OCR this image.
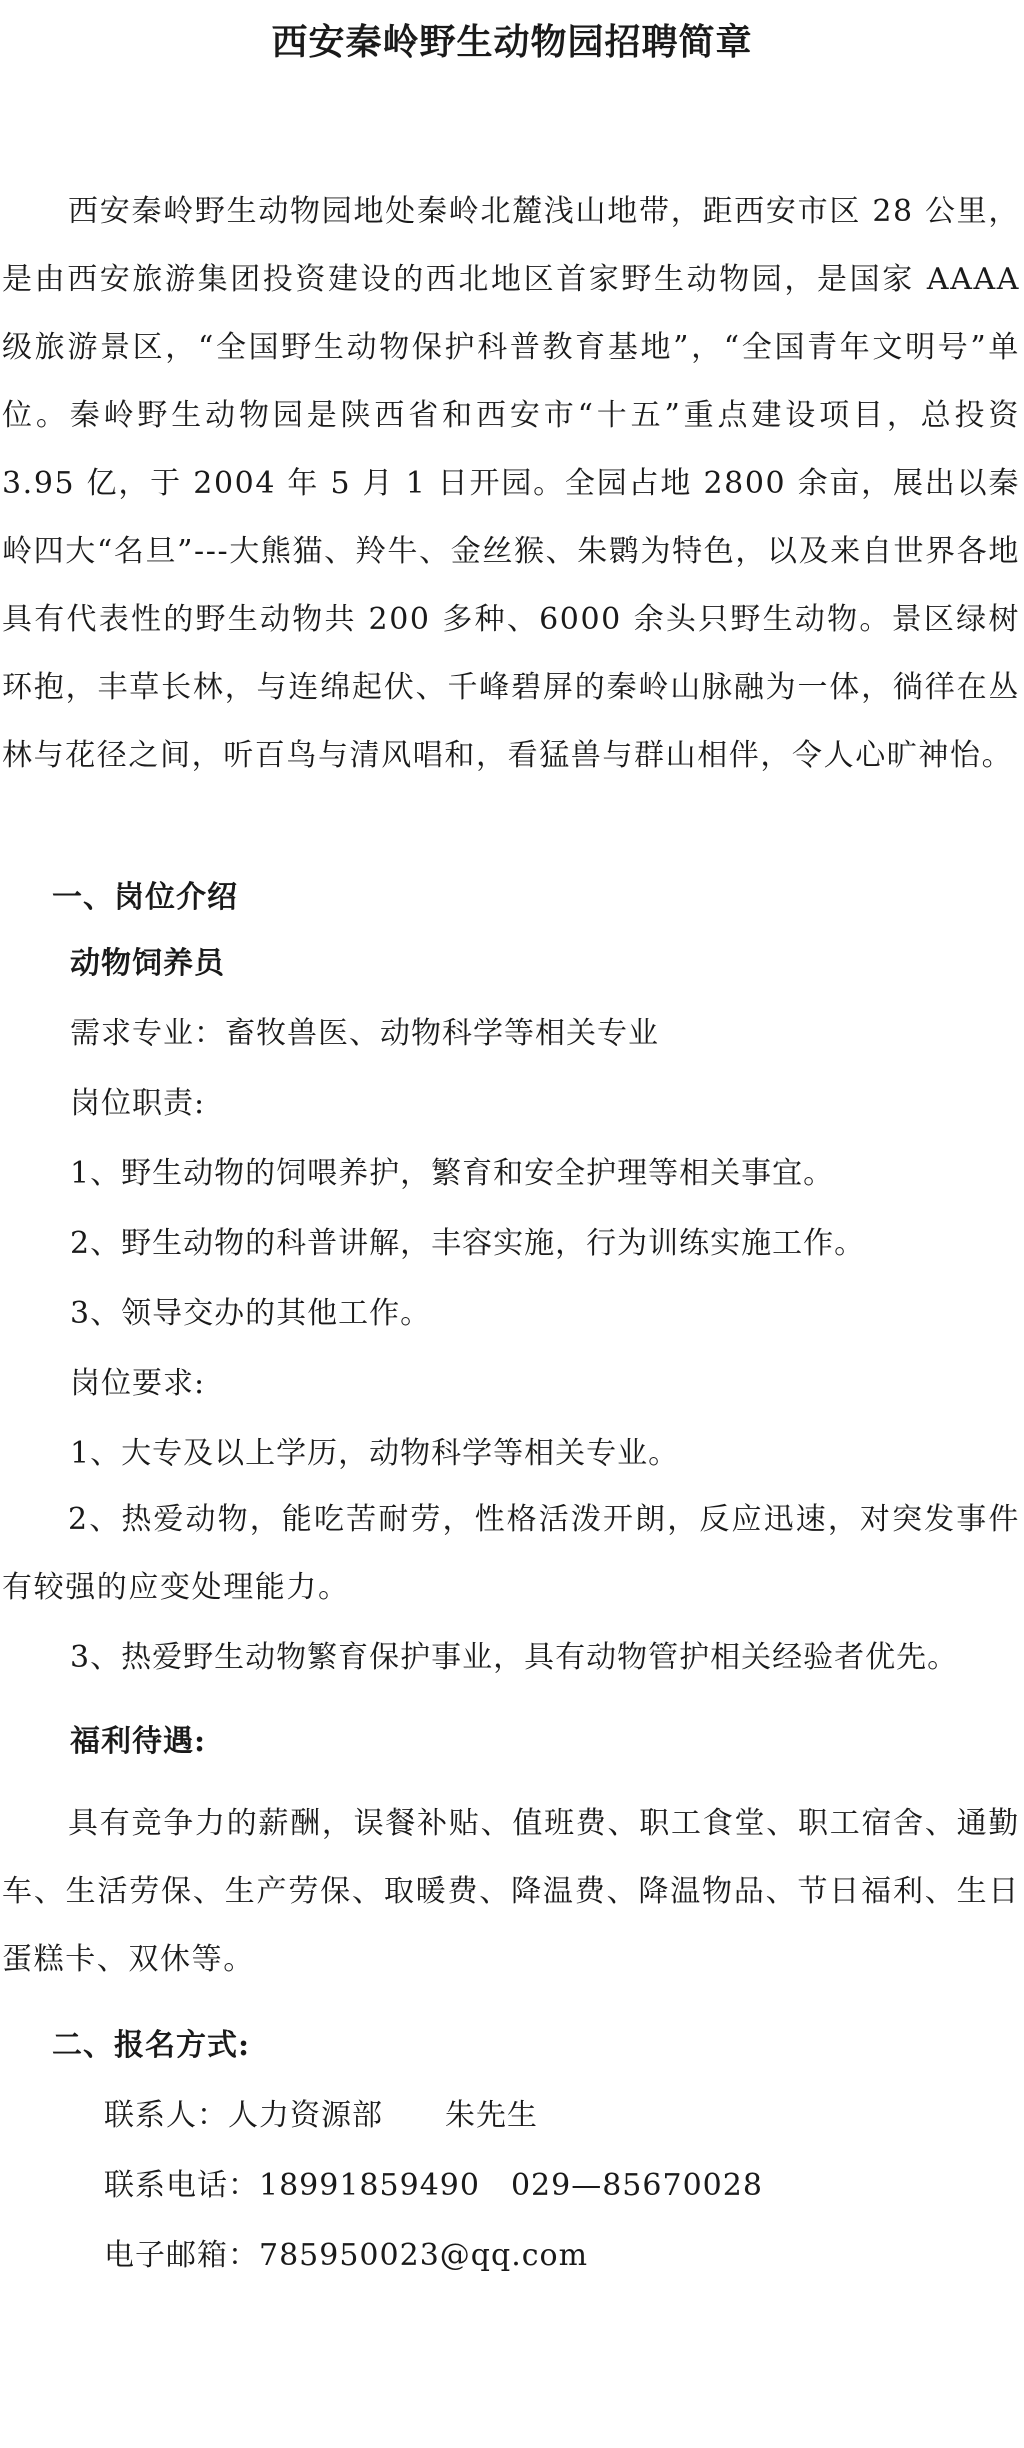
西安秦岭野生动物园招聘简章

西安秦岭野生动物园地处秦岭北麓浅山地带，距西安市区 28 公里，是由西安旅游集团投资建设的西北地区首家野生动物园，是国家 AAAA 级旅游景区，“全国野生动物保护科普教育基地”，“全国青年文明号”单位。秦岭野生动物园是陕西省和西安市“十五”重点建设项目，总投资 3.95 亿，于 2004 年 5 月 1 日开园。全园占地 2800 余亩，展出以秦岭四大“名旦”---大熊猫、羚牛、金丝猴、朱鹮为特色，以及来自世界各地具有代表性的野生动物共 200 多种、6000 余头只野生动物。景区绿树环抱，丰草长林，与连绵起伏、千峰碧屏的秦岭山脉融为一体，徜徉在丛林与花径之间，听百鸟与清风唱和，看猛兽与群山相伴，令人心旷神怡。

一、岗位介绍

动物饲养员

需求专业：畜牧兽医、动物科学等相关专业

岗位职责:

1、野生动物的饲喂养护，繁育和安全护理等相关事宜。

2、野生动物的科普讲解，丰容实施，行为训练实施工作。

3、领导交办的其他工作。

岗位要求:

1、大专及以上学历，动物科学等相关专业。

2、热爱动物，能吃苦耐劳，性格活泼开朗，反应迅速，对突发事件有较强的应变处理能力。

3、热爱野生动物繁育保护事业，具有动物管护相关经验者优先。

福利待遇:

具有竞争力的薪酬，误餐补贴、值班费、职工食堂、职工宿舍、通勤车、生活劳保、生产劳保、取暖费、降温费、降温物品、节日福利、生日蛋糕卡、双休等。

二、报名方式:

联系人：人力资源部　　朱先生

联系电话：18991859490　029—85670028

电子邮箱：785950023@qq.com
